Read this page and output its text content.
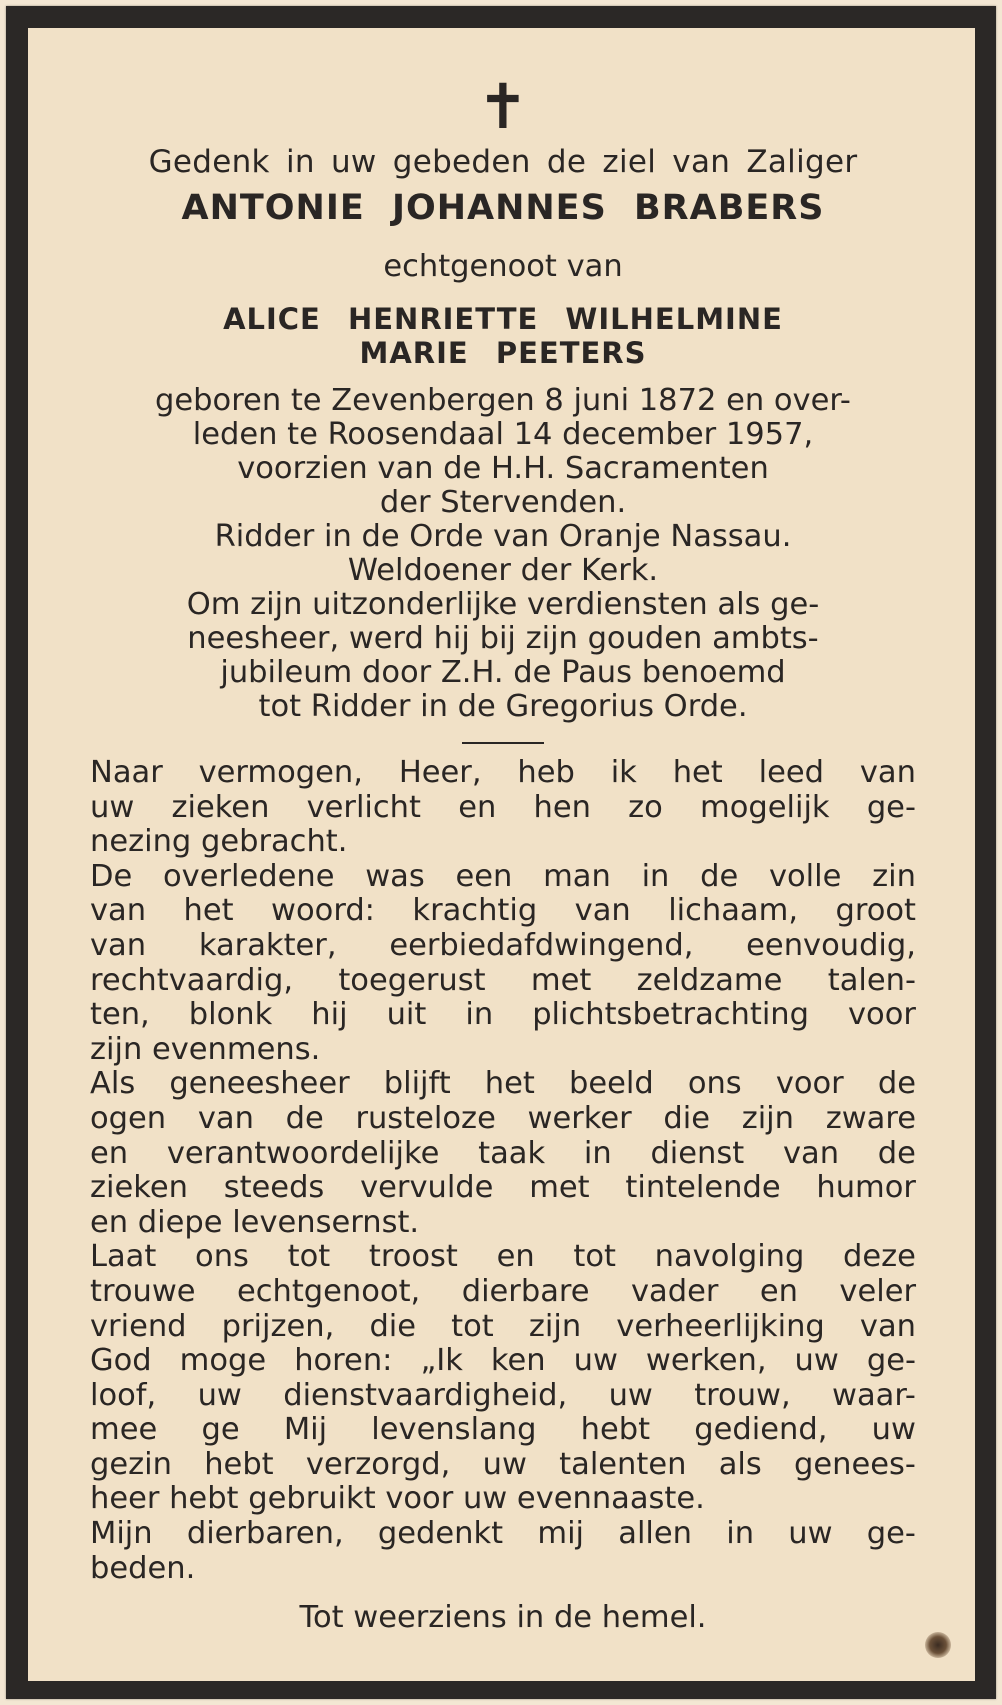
✝

Gedenk in uw gebeden de ziel van Zaliger

ANTONIE JOHANNES BRABERS

echtgenoot van

ALICE HENRIETTE WILHELMINE

MARIE PEETERS

geboren te Zevenbergen 8 juni 1872 en over-

leden te Roosendaal 14 december 1957,

voorzien van de H.H. Sacramenten

der Stervenden.

Ridder in de Orde van Oranje Nassau.

Weldoener der Kerk.

Om zijn uitzonderlijke verdiensten als ge-

neesheer, werd hij bij zijn gouden ambts-

jubileum door Z.H. de Paus benoemd

tot Ridder in de Gregorius Orde.

Naar vermogen, Heer, heb ik het leed van

uw zieken verlicht en hen zo mogelijk ge-

nezing gebracht.

De overledene was een man in de volle zin

van het woord: krachtig van lichaam, groot

van karakter, eerbiedafdwingend, eenvoudig,

rechtvaardig, toegerust met zeldzame talen-

ten, blonk hij uit in plichtsbetrachting voor

zijn evenmens.

Als geneesheer blijft het beeld ons voor de

ogen van de rusteloze werker die zijn zware

en verantwoordelijke taak in dienst van de

zieken steeds vervulde met tintelende humor

en diepe levensernst.

Laat ons tot troost en tot navolging deze

trouwe echtgenoot, dierbare vader en veler

vriend prijzen, die tot zijn verheerlijking van

God moge horen: „Ik ken uw werken, uw ge-

loof, uw dienstvaardigheid, uw trouw, waar-

mee ge Mij levenslang hebt gediend, uw

gezin hebt verzorgd, uw talenten als genees-

heer hebt gebruikt voor uw evennaaste.

Mijn dierbaren, gedenkt mij allen in uw ge-

beden.

Tot weerziens in de hemel.
